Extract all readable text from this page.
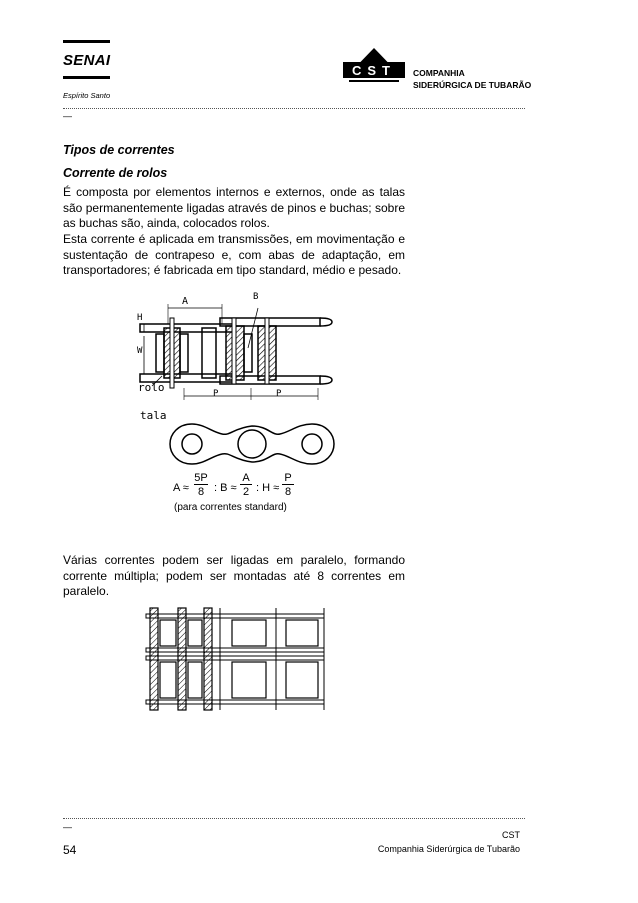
SENAI
Espírito Santo
CST COMPANHIA
SIDERÚRGICA DE TUBARÃO
—
Tipos de correntes
Corrente de rolos
É composta por elementos internos e externos, onde as talas são permanentemente ligadas através de pinos e buchas; sobre as buchas são, ainda, colocados rolos.
Esta corrente é aplicada em transmissões, em movimentação e sustentação de contrapeso e, com abas de adaptação, em transportadores; é fabricada em tipo standard, médio e pesado.
A	B
H
W
rolo	P	P
tala
$A \approx \frac{5P}{8}$ : $B \approx \frac{A}{2}$ : $H \approx \frac{P}{8}$
(para correntes standard)
Várias correntes podem ser ligadas em paralelo, formando corrente múltipla; podem ser montadas até 8 correntes em paralelo.
—
CST
Companhia Siderúrgica de Tubarão
54
